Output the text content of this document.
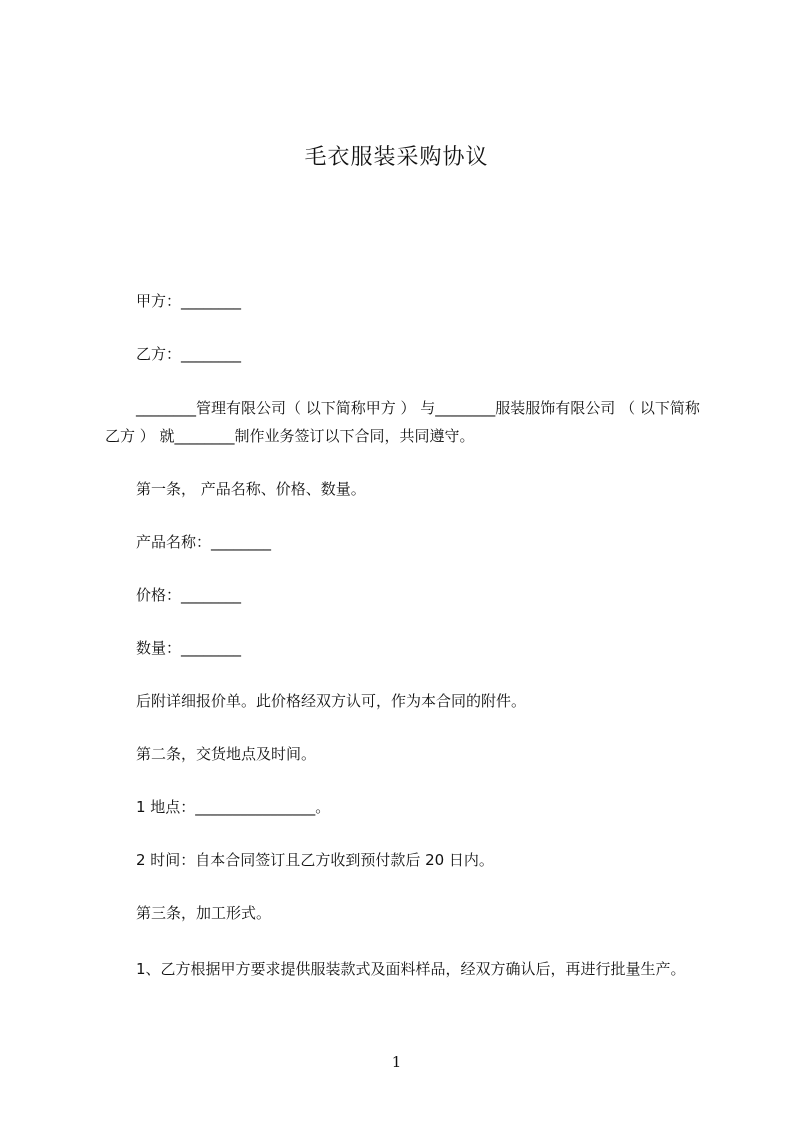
毛衣服装采购协议

甲方：________

乙方：________

________管理有限公司（ 以下简称甲方 ） 与________服装服饰有限公司 （ 以下简称乙方 ） 就________制作业务签订以下合同，共同遵守。

第一条， 产品名称、价格、数量。

产品名称：________

价格：________

数量：________

后附详细报价单。此价格经双方认可，作为本合同的附件。

第二条，交货地点及时间。

1 地点：________________。

2 时间：自本合同签订且乙方收到预付款后 20 日内。

第三条，加工形式。

1、乙方根据甲方要求提供服装款式及面料样品，经双方确认后，再进行批量生产。

1
